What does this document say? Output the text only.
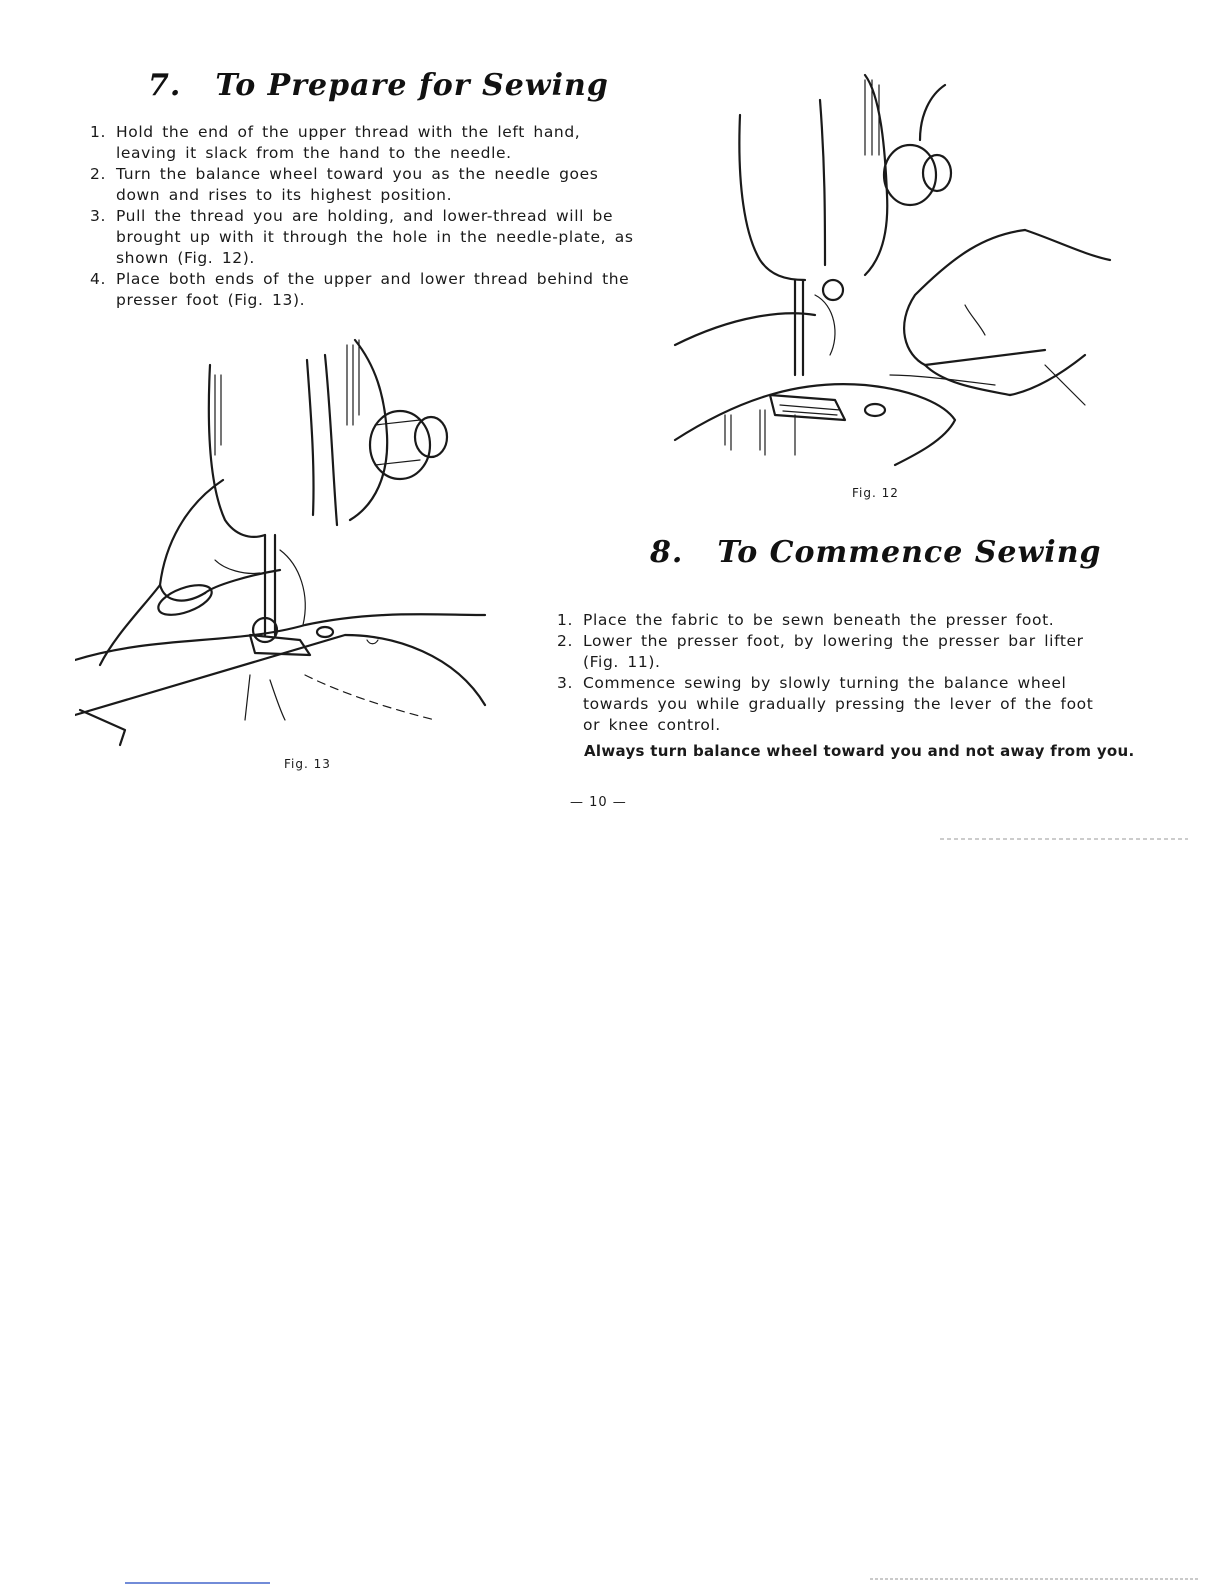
7. To Prepare for Sewing
1. Hold the end of the upper thread with the left hand, leaving it slack from the hand to the needle.
2. Turn the balance wheel toward you as the needle goes down and rises to its highest position.
3. Pull the thread you are holding, and lower-thread will be brought up with it through the hole in the needle-plate, as shown (Fig. 12).
4. Place both ends of the upper and lower thread behind the presser foot (Fig. 13).
Fig. 13
Fig. 12
8. To Commence Sewing
1. Place the fabric to be sewn beneath the presser foot.
2. Lower the presser foot, by lowering the presser bar lifter (Fig. 11).
3. Commence sewing by slowly turning the balance wheel towards you while gradually pressing the lever of the foot or knee control.
Always turn balance wheel toward you and not away from you.
— 10 —
